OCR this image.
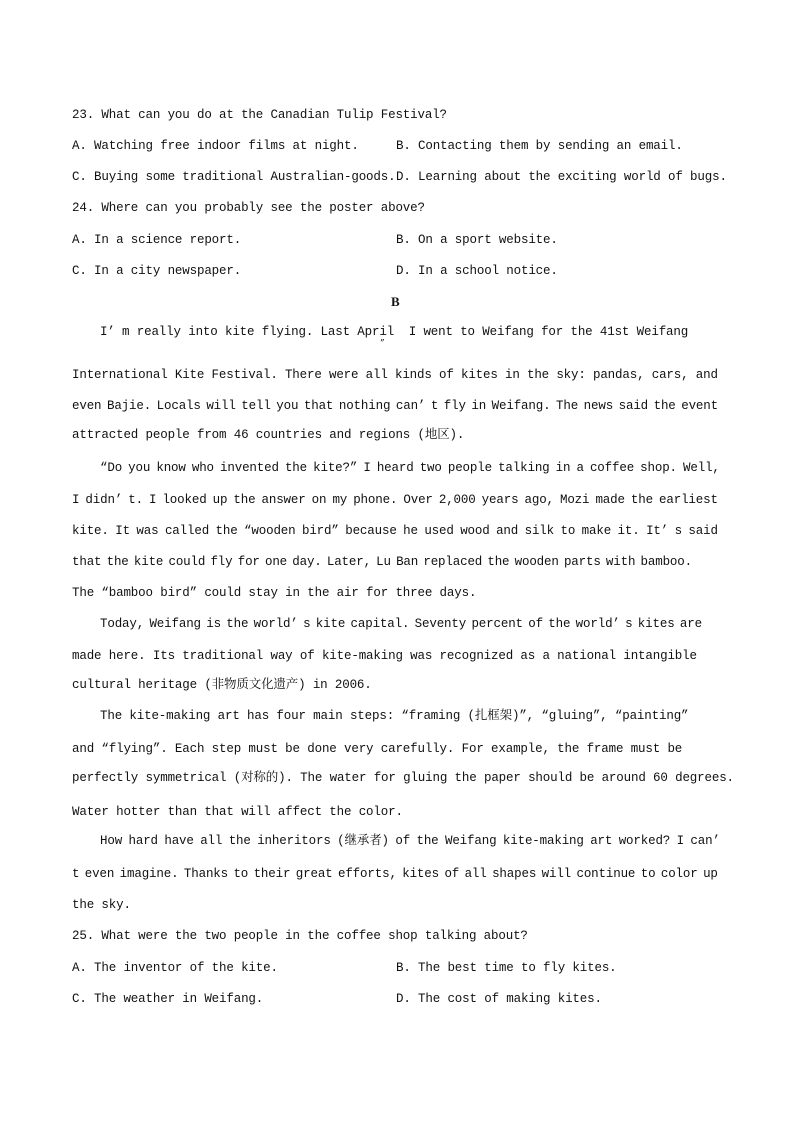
23. What can you do at the Canadian Tulip Festival?
A. Watching free indoor films at night.	B. Contacting them by sending an email.
C. Buying some traditional Australian-goods. D. Learning about the exciting world of bugs.
24. Where can you probably see the poster above?
A. In a science report.	B. On a sport website.
C. In a city newspaper.	D. In a school notice.
B
I’ m really into kite flying. Last April  I went to Weifang for the 41st Weifang
”
International Kite Festival. There were all kinds of kites in the sky: pandas, cars, and
even Bajie. Locals will tell you that nothing can’ t fly in Weifang. The news said the event
attracted people from 46 countries and regions (地区).
“Do you know who invented the kite?” I heard two people talking in a coffee shop. Well,
I didn’ t. I looked up the answer on my phone. Over 2,000 years ago, Mozi made the earliest
kite. It was called the “wooden bird” because he used wood and silk to make it. It’ s said
that the kite could fly for one day. Later, Lu Ban replaced the wooden parts with bamboo.
The “bamboo bird” could stay in the air for three days.
Today, Weifang is the world’ s kite capital. Seventy percent of the world’ s kites are
made here. Its traditional way of kite-making was recognized as a national intangible
cultural heritage (非物质文化遗产) in 2006.
The kite-making art has four main steps: “framing (扎框架)”, “gluing”, “painting”
and “flying”. Each step must be done very carefully. For example, the frame must be
perfectly symmetrical (对称的). The water for gluing the paper should be around 60 degrees.
Water hotter than that will affect the color.
How hard have all the inheritors (继承者) of the Weifang kite-making art worked? I can’
t even imagine. Thanks to their great efforts, kites of all shapes will continue to color up
the sky.
25. What were the two people in the coffee shop talking about?
A. The inventor of the kite.	B. The best time to fly kites.
C. The weather in Weifang.	D. The cost of making kites.
